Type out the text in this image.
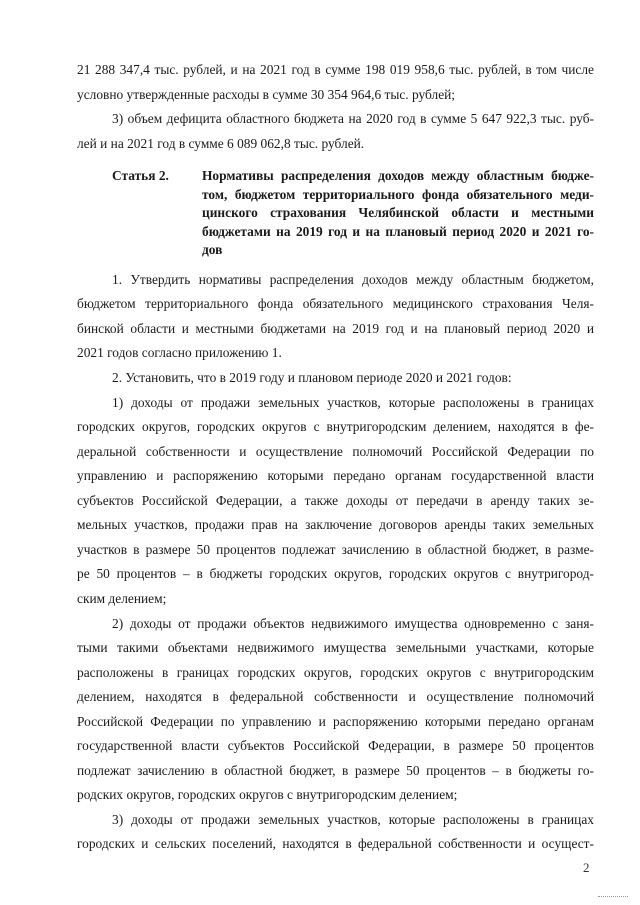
21 288 347,4 тыс. рублей, и на 2021 год в сумме 198 019 958,6 тыс. рублей, в том числе
условно утвержденные расходы в сумме 30 354 964,6 тыс. рублей;
3) объем дефицита областного бюджета на 2020 год в сумме 5 647 922,3 тыс. руб-
лей и на 2021 год в сумме 6 089 062,8 тыс. рублей.
Статья 2. Нормативы распределения доходов между областным бюдже-
том, бюджетом территориального фонда обязательного меди-
цинского страхования Челябинской области и местными
бюджетами на 2019 год и на плановый период 2020 и 2021 го-
дов
1. Утвердить нормативы распределения доходов между областным бюджетом,
бюджетом территориального фонда обязательного медицинского страхования Челя-
бинской области и местными бюджетами на 2019 год и на плановый период 2020 и
2021 годов согласно приложению 1.
2. Установить, что в 2019 году и плановом периоде 2020 и 2021 годов:
1) доходы от продажи земельных участков, которые расположены в границах
городских округов, городских округов с внутригородским делением, находятся в фе-
деральной собственности и осуществление полномочий Российской Федерации по
управлению и распоряжению которыми передано органам государственной власти
субъектов Российской Федерации, а также доходы от передачи в аренду таких зе-
мельных участков, продажи прав на заключение договоров аренды таких земельных
участков в размере 50 процентов подлежат зачислению в областной бюджет, в разме-
ре 50 процентов – в бюджеты городских округов, городских округов с внутригород-
ским делением;
2) доходы от продажи объектов недвижимого имущества одновременно с заня-
тыми такими объектами недвижимого имущества земельными участками, которые
расположены в границах городских округов, городских округов с внутригородским
делением, находятся в федеральной собственности и осуществление полномочий
Российской Федерации по управлению и распоряжению которыми передано органам
государственной власти субъектов Российской Федерации, в размере 50 процентов
подлежат зачислению в областной бюджет, в размере 50 процентов – в бюджеты го-
родских округов, городских округов с внутригородским делением;
3) доходы от продажи земельных участков, которые расположены в границах
городских и сельских поселений, находятся в федеральной собственности и осущест-
2
